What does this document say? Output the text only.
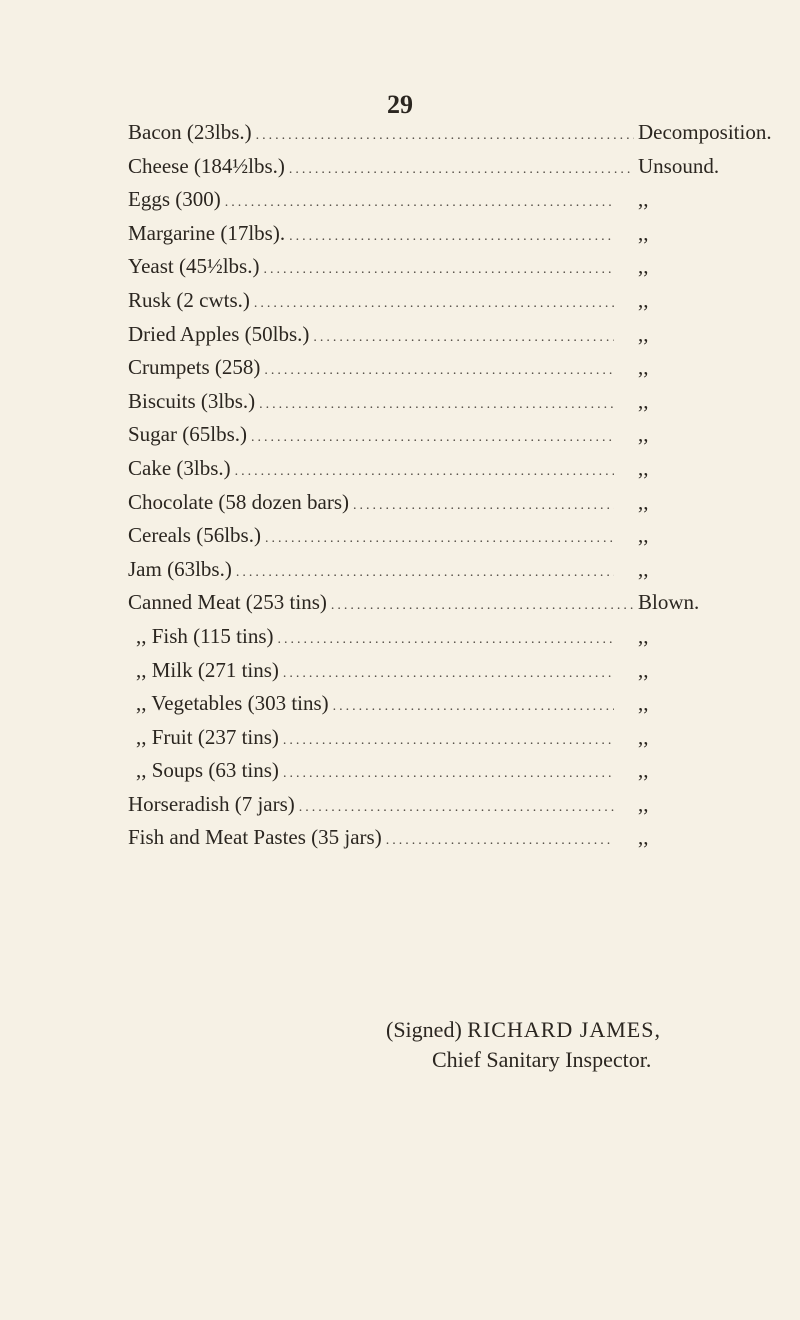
29
Bacon (23lbs.) .....	Decomposition.
Cheese (184½lbs.) .....	Unsound.
Eggs (300) .....	,,
Margarine (17lbs). .....	,,
Yeast (45½lbs.) .....	,,
Rusk (2 cwts.) .....	,,
Dried Apples (50lbs.) .....	,,
Crumpets (258) .....	,,
Biscuits (3lbs.) .....	,,
Sugar (65lbs.) .....	,,
Cake (3lbs.) .....	,,
Chocolate (58 dozen bars) .....	,,
Cereals (56lbs.) .....	,,
Jam (63lbs.) .....	,,
Canned Meat (253 tins) .....	Blown.
,, Fish (115 tins) .....	,,
,, Milk (271 tins) .....	,,
,, Vegetables (303 tins) .....	,,
,, Fruit (237 tins) .....	,,
,, Soups (63 tins) .....	,,
Horseradish (7 jars) .....	,,
Fish and Meat Pastes (35 jars) .....	,,
(Signed) RICHARD JAMES,
Chief Sanitary Inspector.
